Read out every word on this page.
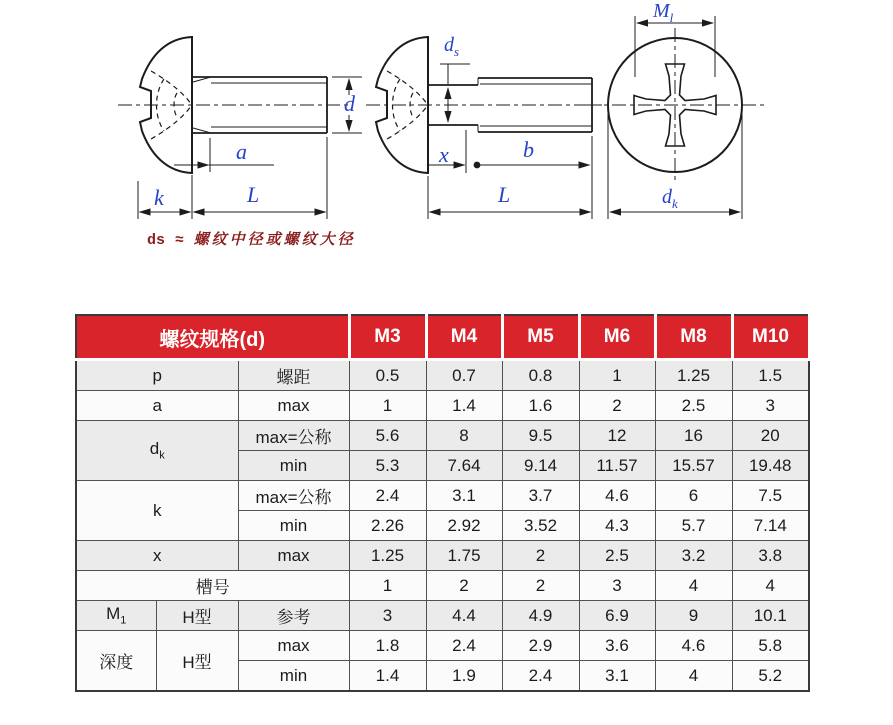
d
a
k	L
$d_s$
x	b
L
$M_l$
$d_k$
ds ≈ 螺纹中径或螺纹大径
螺纹规格(d)			M3	M4	M5	M6	M8	M10
p		螺距	0.5	0.7	0.8	1	1.25	1.5
a		max	1	1.4	1.6	2	2.5	3
$d_k$		max=公称	5.6	8	9.5	12	16	20
		min	5.3	7.64	9.14	11.57	15.57	19.48
k		max=公称	2.4	3.1	3.7	4.6	6	7.5
		min	2.26	2.92	3.52	4.3	5.7	7.14
x		max	1.25	1.75	2	2.5	3.2	3.8
槽号			1	2	2	3	4	4
$M_1$	H型	参考	3	4.4	4.9	6.9	9	10.1
深度	H型	max	1.8	2.4	2.9	3.6	4.6	5.8
		min	1.4	1.9	2.4	3.1	4	5.2
